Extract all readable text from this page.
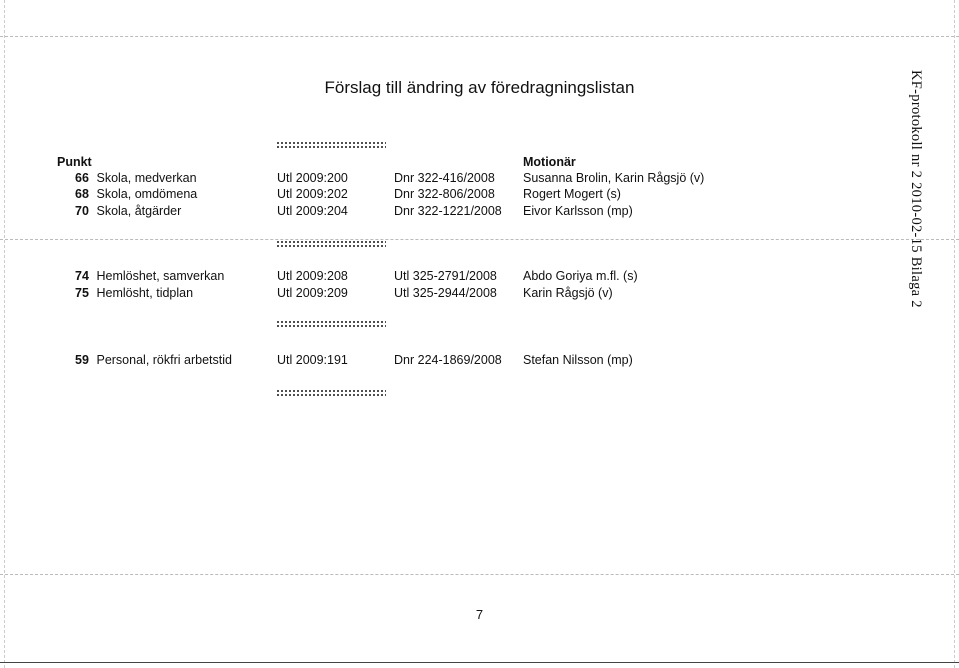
Förslag till ändring av föredragningslistan	KF-protokoll nr 2 2010-02-15 Bilaga 2
Punkt	Motionär
66 Skola, medverkan	Utl 2009:200	Dnr 322-416/2008 Susanna Brolin, Karin Rågsjö (v)
68 Skola, omdömena	Utl 2009:202	Dnr 322-806/2008 Rogert Mogert (s)
70 Skola, åtgärder	Utl 2009:204	Dnr 322-1221/2008 Eivor Karlsson (mp)
74 Hemlöshet, samverkan	Utl 2009:208	Utl 325-2791/2008 Abdo Goriya m.fl. (s)
75 Hemlösht, tidplan	Utl 2009:209	Utl 325-2944/2008 Karin Rågsjö (v)
59 Personal, rökfri arbetstid	Utl 2009:191	Dnr 224-1869/2008 Stefan Nilsson (mp)
7
